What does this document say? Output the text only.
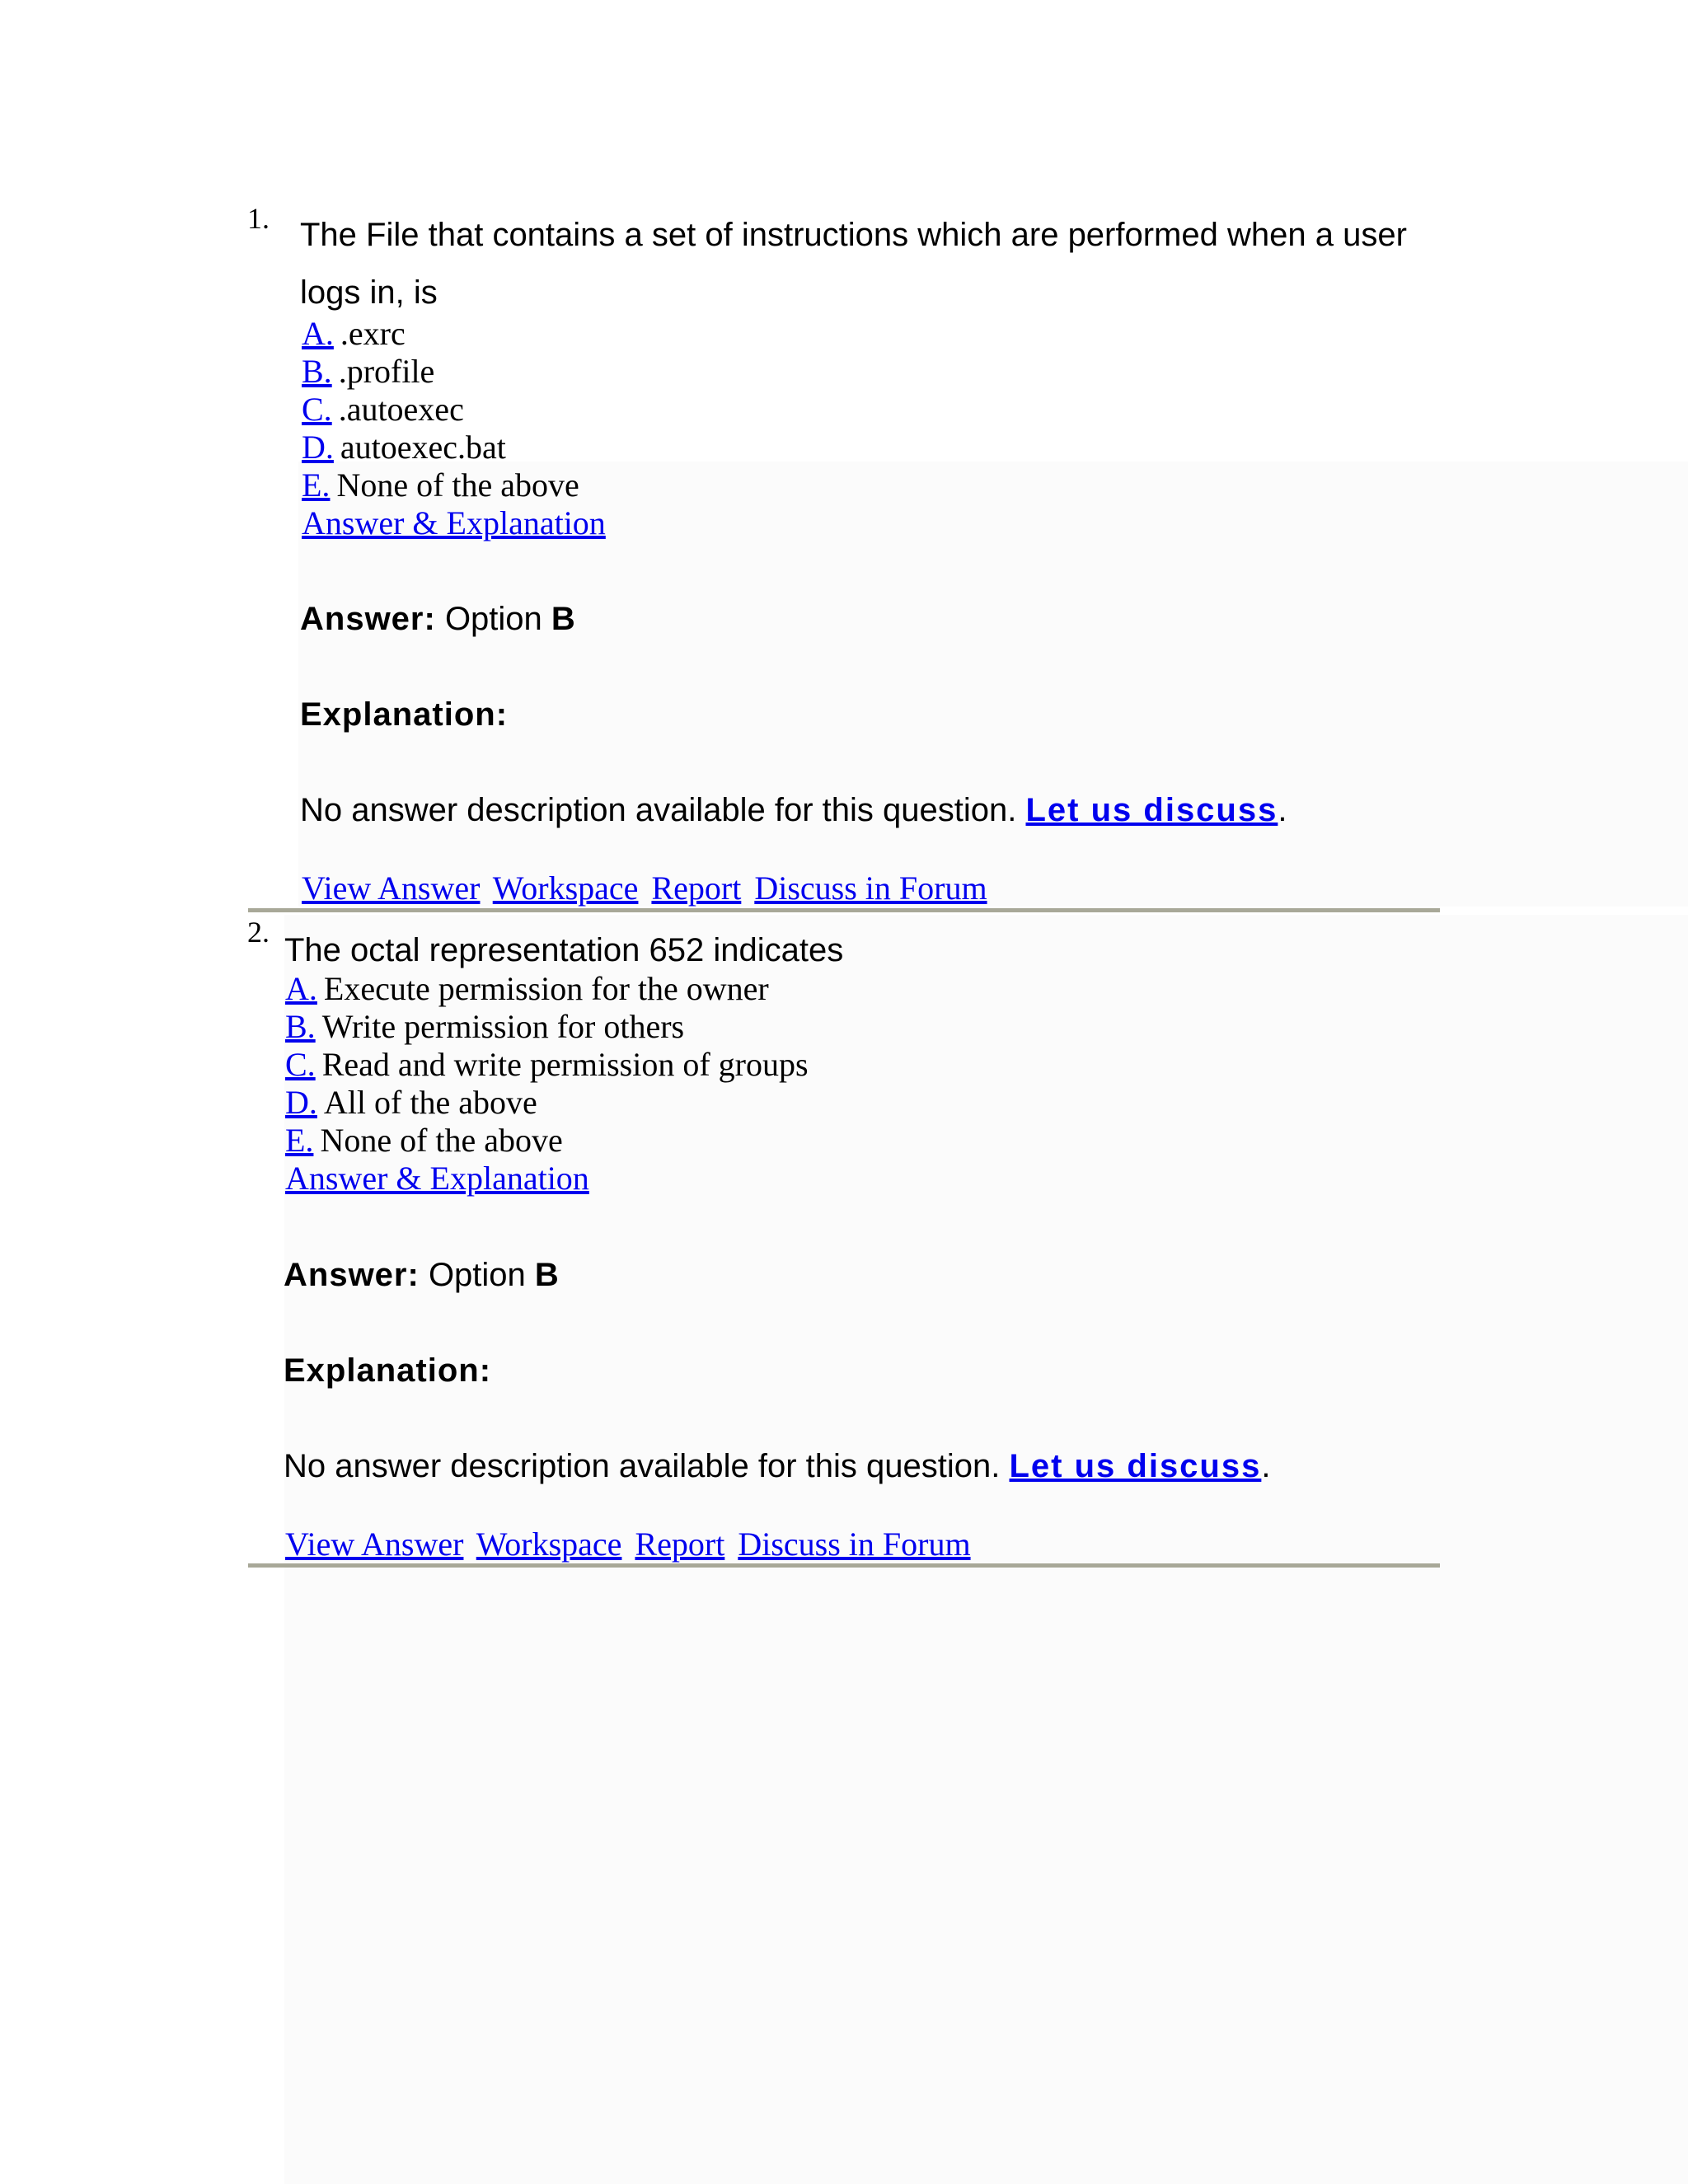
1. The File that contains a set of instructions which are performed when a user
logs in, is
A. .exrc
B. .profile
C. .autoexec
D. autoexec.bat
E. None of the above
Answer & Explanation
Answer: Option B
Explanation:
No answer description available for this question. Let us discuss.
View Answer Workspace Report Discuss in Forum
2. The octal representation 652 indicates
A. Execute permission for the owner
B. Write permission for others
C. Read and write permission of groups
D. All of the above
E. None of the above
Answer & Explanation
Answer: Option B
Explanation:
No answer description available for this question. Let us discuss.
View Answer Workspace Report Discuss in Forum
